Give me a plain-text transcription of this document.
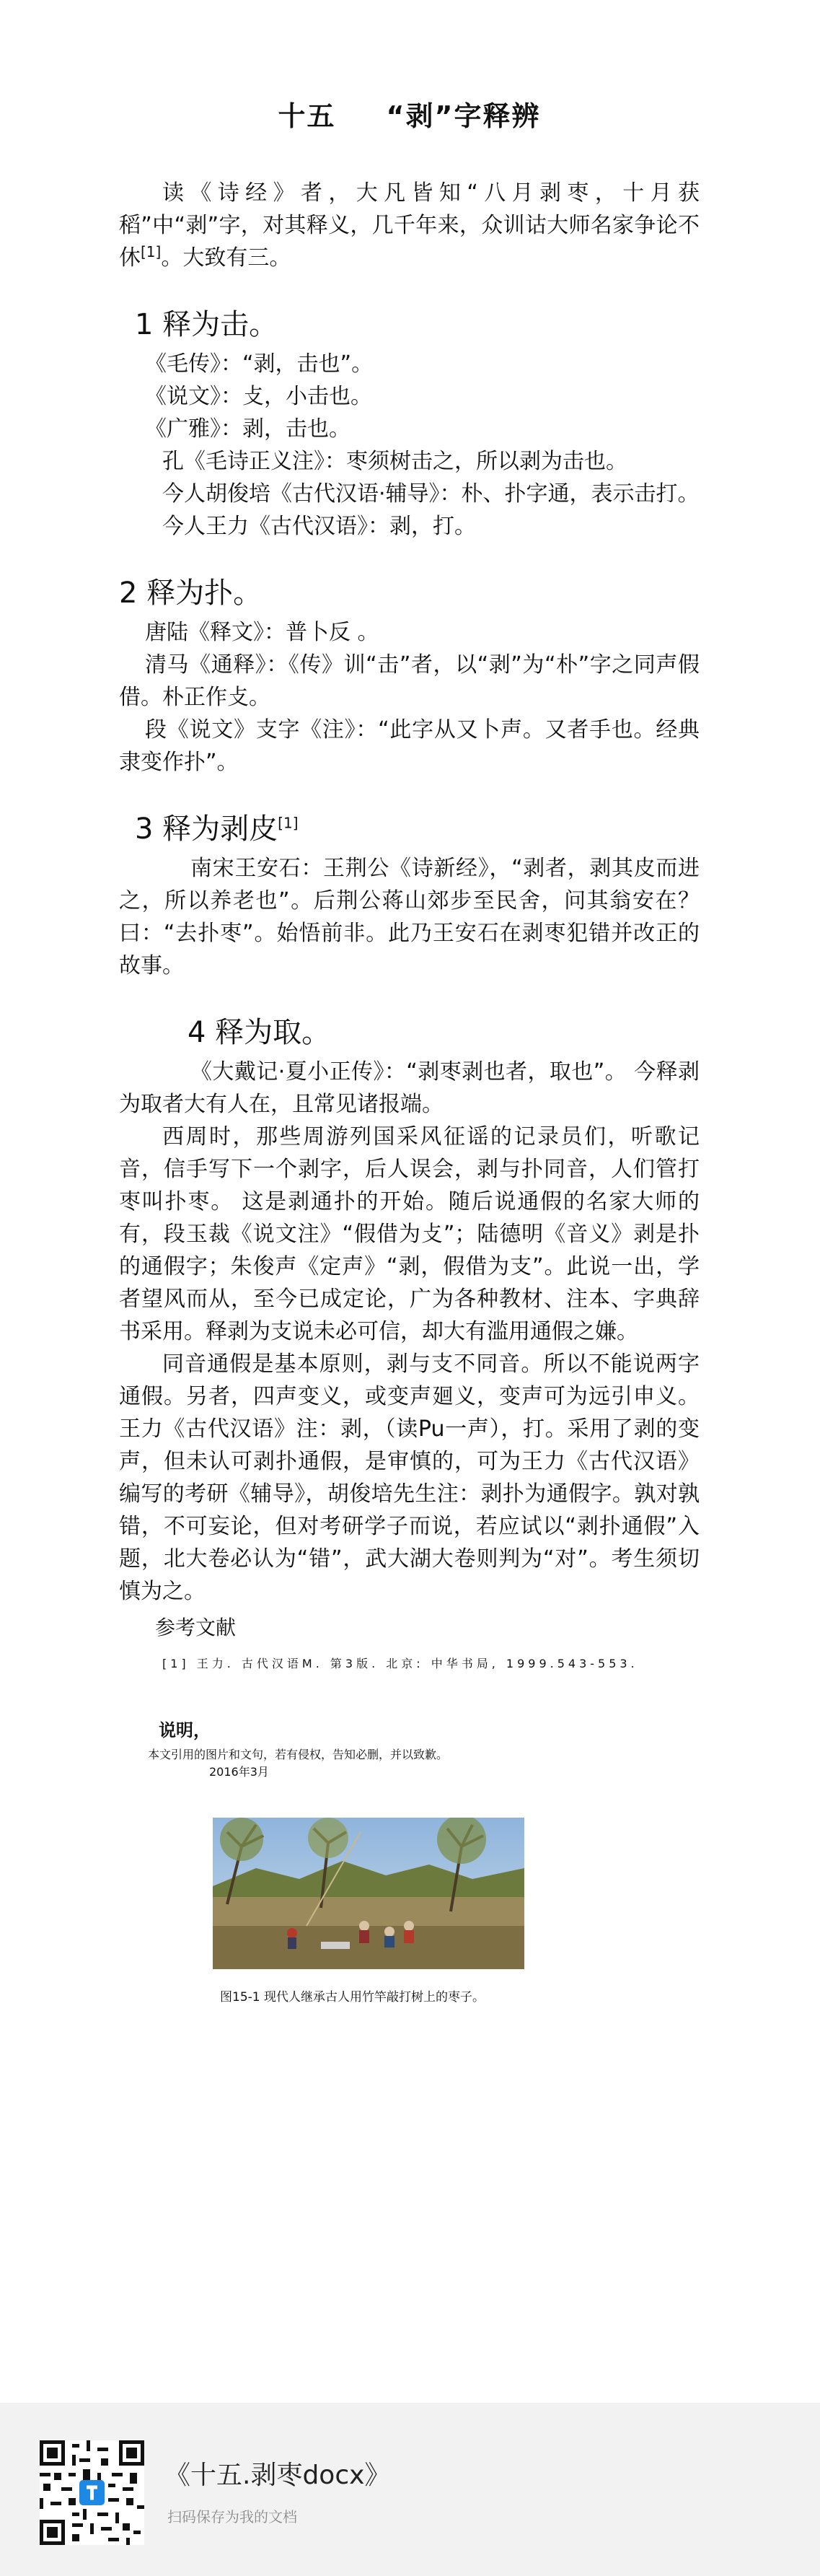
十五 “剥”字释辨

读《诗经》者，大凡皆知“八月剥枣，十月获稻”中“剥”字，对其释义，几千年来，众训诂大师名家争论不休[1]。大致有三。

1 释为击。

《毛传》：“剥，击也”。

《说文》：攴，小击也。

《广雅》：剥，击也。

孔《毛诗正义注》：枣须树击之，所以剥为击也。

今人胡俊培《古代汉语·辅导》：朴、扑字通，表示击打。

今人王力《古代汉语》：剥，打。

2 释为扑。

唐陆《释文》：普卜反 。

清马《通释》：《传》训“击”者，以“剥”为“朴”字之同声假借。朴正作攴。

段《说文》支字《注》：“此字从又卜声。又者手也。经典隶变作扑”。

3 释为剥皮[1]

南宋王安石：王荆公《诗新经》，“剥者，剥其皮而进之，所以养老也”。后荆公蒋山郊步至民舍，问其翁安在？曰：“去扑枣”。始悟前非。此乃王安石在剥枣犯错并改正的故事。

4 释为取。

《大戴记·夏小正传》：“剥枣剥也者，取也”。 今释剥为取者大有人在，且常见诸报端。

西周时，那些周游列国采风征谣的记录员们，听歌记音，信手写下一个剥字，后人误会，剥与扑同音，人们管打枣叫扑枣。 这是剥通扑的开始。随后说通假的名家大师的有，段玉裁《说文注》“假借为攴”；陆德明《音义》剥是扑的通假字；朱俊声《定声》“剥，假借为支”。此说一出，学者望风而从，至今已成定论，广为各种教材、注本、字典辞书采用。释剥为支说未必可信，却大有滥用通假之嫌。

同音通假是基本原则，剥与支不同音。所以不能说两字通假。另者，四声变义，或变声廻义，变声可为远引申义。王力《古代汉语》注：剥，（读Pu一声），打。采用了剥的变声，但未认可剥扑通假，是审慎的，可为王力《古代汉语》编写的考研《辅导》，胡俊培先生注：剥扑为通假字。孰对孰错，不可妄论，但对考研学子而说，若应试以“剥扑通假”入题，北大卷必认为“错”，武大湖大卷则判为“对”。考生须切慎为之。

参考文献
[1] 王力. 古代汉语M. 第3版. 北京: 中华书局, 1999.543-553.
说明，
本文引用的图片和文句，若有侵权，告知必删，并以致歉。
2016年3月
图15-1 现代人继承古人用竹竿敲打树上的枣子。
《十五.剥枣docx》
扫码保存为我的文档
